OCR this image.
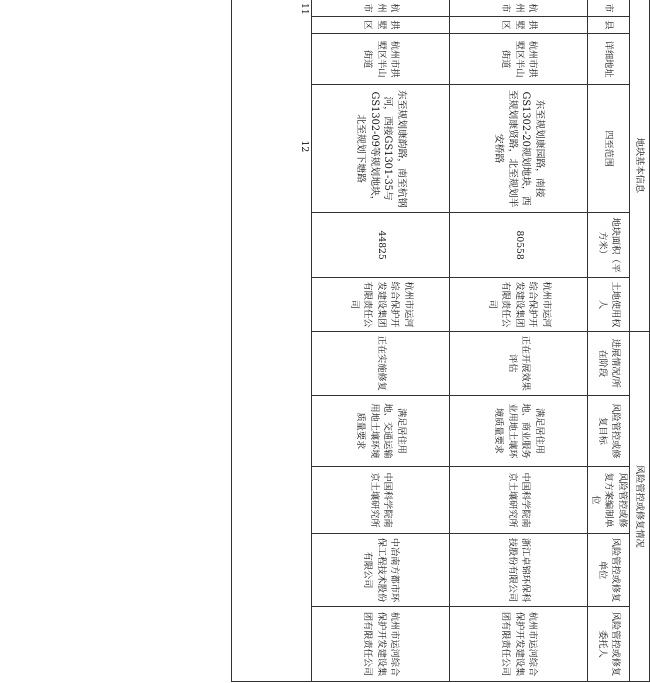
地块基本信息						风险管控或修复情况				
市	县	详细地址	四至范围	地块面积（平方米）	土地使用权人	进展情况/所在阶段	风险管控或修复目标	风险管控或修复方案编制单位	风险管控或修复单位	风险管控或修复委托人
杭州市	拱墅区	杭州市拱墅区半山街道	东至规划康园路，南接GS1302-20规划地块，西至规划康贤路，北至规划半安桥路	80558	杭州市运河综合保护开发建设集团有限责任公司	正在开展效果评估	满足居住用地、商业服务业用地土壤环境质量要求	中国科学院南京土壤研究所	浙江卓锦环保科技股份有限公司	杭州市运河综合保护开发建设集团有限责任公司
杭州市	拱墅区	杭州市拱墅区半山街道	东至规划康韵路，南至杭钢河，西接GS1301-35与GS1302-09等规划地块，北至规划下塘路	44825	杭州市运河综合保护开发建设集团有限责任公司	正在实施修复	满足居住用地、交通运输用地土壤环境质量要求	中国科学院南京土壤研究所	中冶南方都市环保工程技术股份有限公司	杭州市运河综合保护开发建设集团有限责任公司
11  12										
